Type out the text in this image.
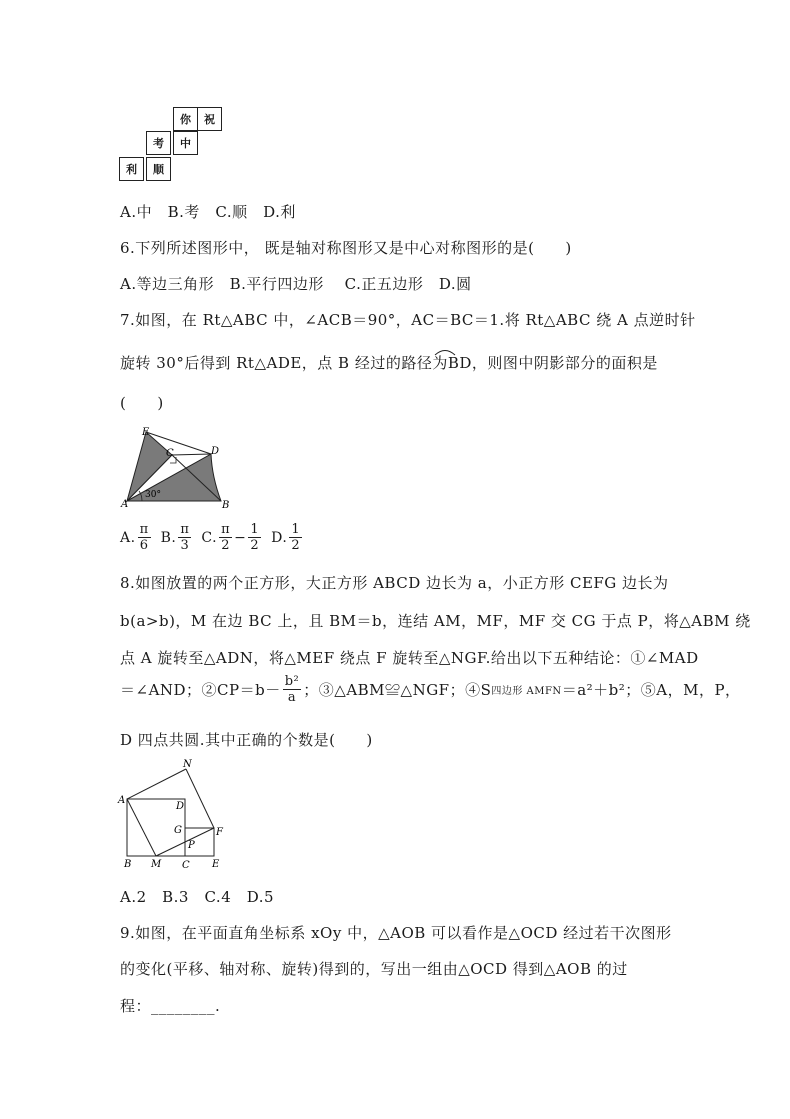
你	祝
考	中
利	顺
A.中　B.考　C.顺　D.利
6.下列所述图形中， 既是轴对称图形又是中心对称图形的是(　　)
A.等边三角形　B.平行四边形　 C.正五边形　D.圆
7.如图，在 Rt△ABC 中，∠ACB＝90°，AC＝BC＝1.将 Rt△ABC 绕 A 点逆时针
旋转 30°后得到 Rt△ADE，点 B 经过的路径为BD，则图中阴影部分的面积是
(　　)
E
C	D
A
30°
B
A. $\frac{\pi}{6} B$. $\frac{\pi}{3} C$. $\frac{\pi}{2} - \frac{1}{2} D$. $\frac{1}{2}$
8.如图放置的两个正方形，大正方形 ABCD 边长为 a，小正方形 CEFG 边长为
b(a>b)，M 在边 BC 上，且 BM＝b，连结 AM，MF，MF 交 CG 于点 P，将△ABM 绕
点 A 旋转至△ADN，将△MEF 绕点 F 旋转至△NGF.给出以下五种结论：①∠MAD
＝∠AND；②CP＝b－ $\frac{\text{b²}}{a}$ ；③△ABM≌△NGF；④S 四边形 AMFN ＝a²＋b²；⑤A，M，P，
D 四点共圆.其中正确的个数是(　　)
N
A
D
G	F
P
B M C E
A.2　B.3　C.4　D.5
9.如图，在平面直角坐标系 xOy 中，△AOB 可以看作是△OCD 经过若干次图形
的变化(平移、轴对称、旋转)得到的，写出一组由△OCD 得到△AOB 的过
程：________.
